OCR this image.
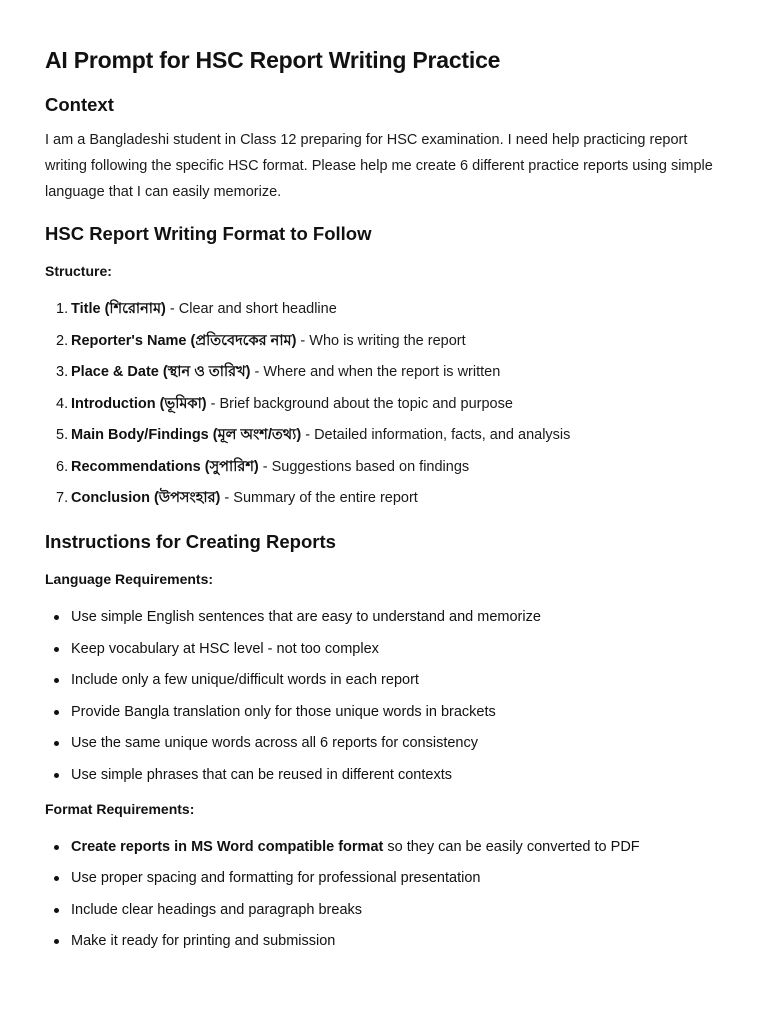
AI Prompt for HSC Report Writing Practice
Context

I am a Bangladeshi student in Class 12 preparing for HSC examination. I need help practicing report writing following the specific HSC format. Please help me create 6 different practice reports using simple language that I can easily memorize.

HSC Report Writing Format to Follow

Structure:

1. Title (শিরোনাম) - Clear and short headline
2. Reporter's Name (প্রতিবেদকের নাম) - Who is writing the report
3. Place & Date (স্থান ও তারিখ) - Where and when the report is written
4. Introduction (ভূমিকা) - Brief background about the topic and purpose
5. Main Body/Findings (মূল অংশ/তথ্য) - Detailed information, facts, and analysis
6. Recommendations (সুপারিশ) - Suggestions based on findings
7. Conclusion (উপসংহার) - Summary of the entire report
Instructions for Creating Reports

Language Requirements:

Use simple English sentences that are easy to understand and memorize
Keep vocabulary at HSC level - not too complex
Include only a few unique/difficult words in each report
Provide Bangla translation only for those unique words in brackets
Use the same unique words across all 6 reports for consistency
Use simple phrases that can be reused in different contexts

Format Requirements:

Create reports in MS Word compatible format so they can be easily converted to PDF
Use proper spacing and formatting for professional presentation
Include clear headings and paragraph breaks
Make it ready for printing and submission
